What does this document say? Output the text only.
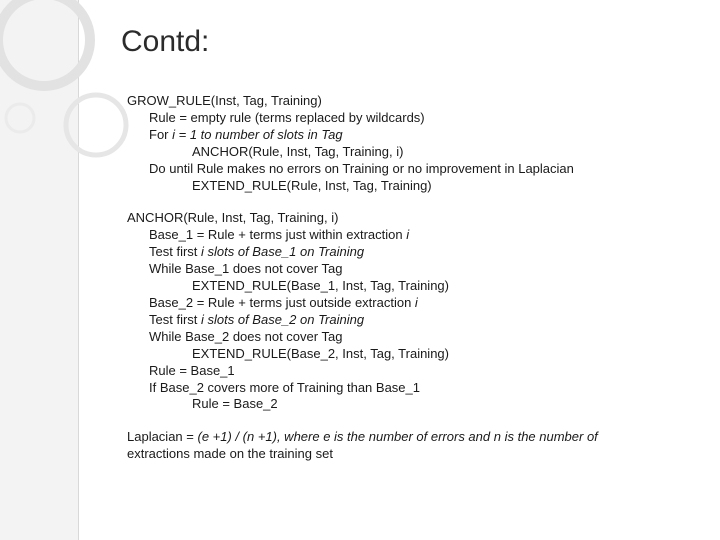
Contd:
GROW_RULE(Inst, Tag, Training)
Rule = empty rule (terms replaced by wildcards)
For i = 1 to number of slots in Tag
ANCHOR(Rule, Inst, Tag, Training, i)
Do until Rule makes no errors on Training or no improvement in Laplacian
EXTEND_RULE(Rule, Inst, Tag, Training)
ANCHOR(Rule, Inst, Tag, Training, i)
Base_1 = Rule + terms just within extraction i
Test first i slots of Base_1 on Training
While Base_1 does not cover Tag
EXTEND_RULE(Base_1, Inst, Tag, Training)
Base_2 = Rule + terms just outside extraction i
Test first i slots of Base_2 on Training
While Base_2 does not cover Tag
EXTEND_RULE(Base_2, Inst, Tag, Training)
Rule = Base_1
If Base_2 covers more of Training than Base_1
Rule = Base_2
Laplacian = (e +1) / (n +1), where e is the number of errors and n is the number of
extractions made on the training set
